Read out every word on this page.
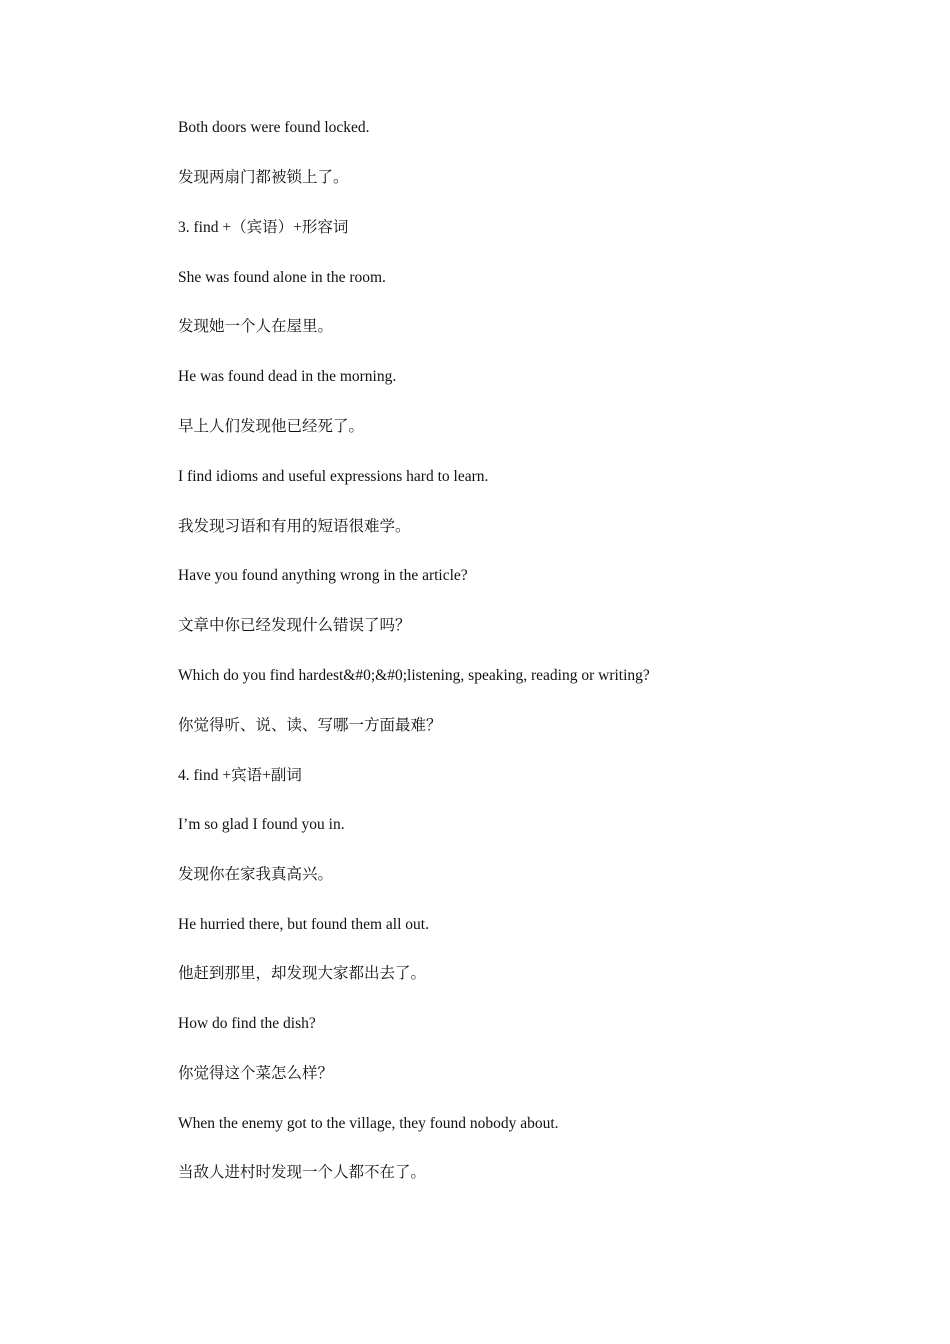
Both doors were found locked.

发现两扇门都被锁上了。

3. find +（宾语）+形容词

She was found alone in the room.

发现她一个人在屋里。

He was found dead in the morning.

早上人们发现他已经死了。

I find idioms and useful expressions hard to learn.

我发现习语和有用的短语很难学。

Have you found anything wrong in the article?

文章中你已经发现什么错误了吗？

Which do you find hardest&#0;&#0;listening, speaking, reading or writing?

你觉得听、说、读、写哪一方面最难？

4. find +宾语+副词

I’m so glad I found you in.

发现你在家我真高兴。

He hurried there, but found them all out.

他赶到那里，却发现大家都出去了。

How do find the dish?

你觉得这个菜怎么样？

When the enemy got to the village, they found nobody about.

当敌人进村时发现一个人都不在了。
